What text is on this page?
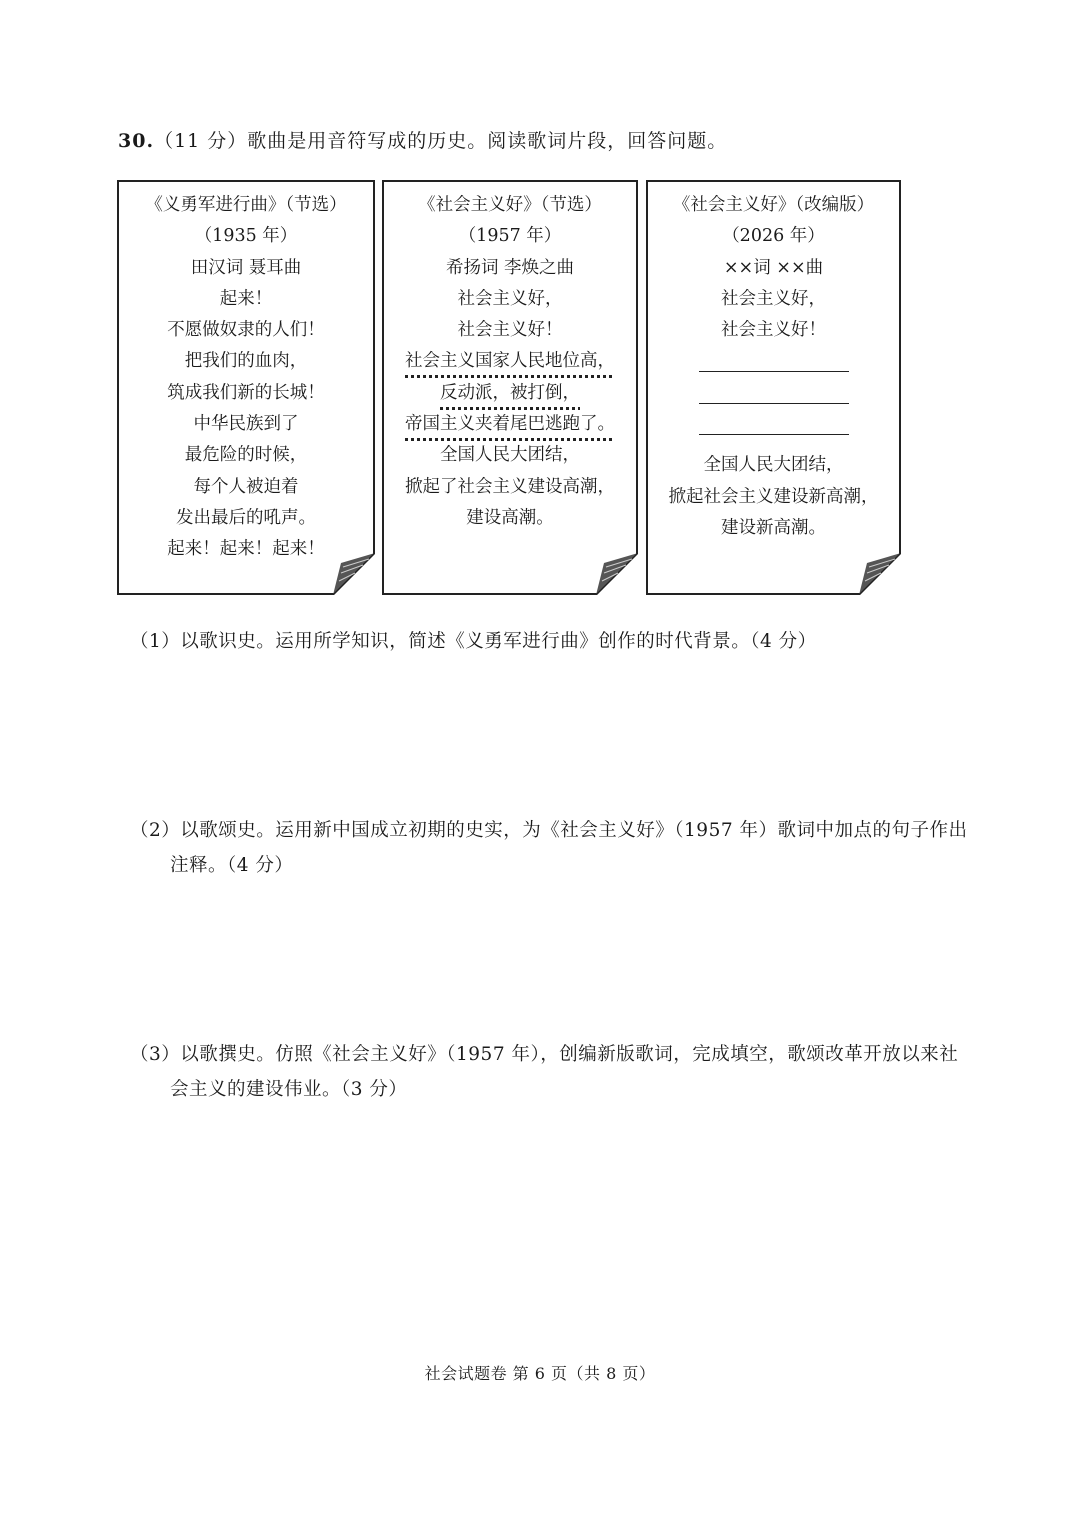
30.（11 分）歌曲是用音符写成的历史。阅读歌词片段，回答问题。
《义勇军进行曲》（节选）
（1935 年）
田汉词 聂耳曲
起来！
不愿做奴隶的人们！
把我们的血肉，
筑成我们新的长城！
中华民族到了
最危险的时候，
每个人被迫着
发出最后的吼声。
起来！起来！起来！
《社会主义好》（节选）
（1957 年）
希扬词 李焕之曲
社会主义好，
社会主义好！
社会主义国家人民地位高，
反动派，被打倒，
帝国主义夹着尾巴逃跑了。
全国人民大团结，
掀起了社会主义建设高潮，
建设高潮。
《社会主义好》（改编版）
（2026 年）
××词 ××曲
社会主义好，
社会主义好！
全国人民大团结，
掀起社会主义建设新高潮，
建设新高潮。
（1）以歌识史。运用所学知识，简述《义勇军进行曲》创作的时代背景。（4 分）
（2）以歌颂史。运用新中国成立初期的史实，为《社会主义好》（1957 年）歌词中加点的句子作出
注释。（4 分）
（3）以歌撰史。仿照《社会主义好》（1957 年），创编新版歌词，完成填空，歌颂改革开放以来社
会主义的建设伟业。（3 分）
社会试题卷 第 6 页（共 8 页）
